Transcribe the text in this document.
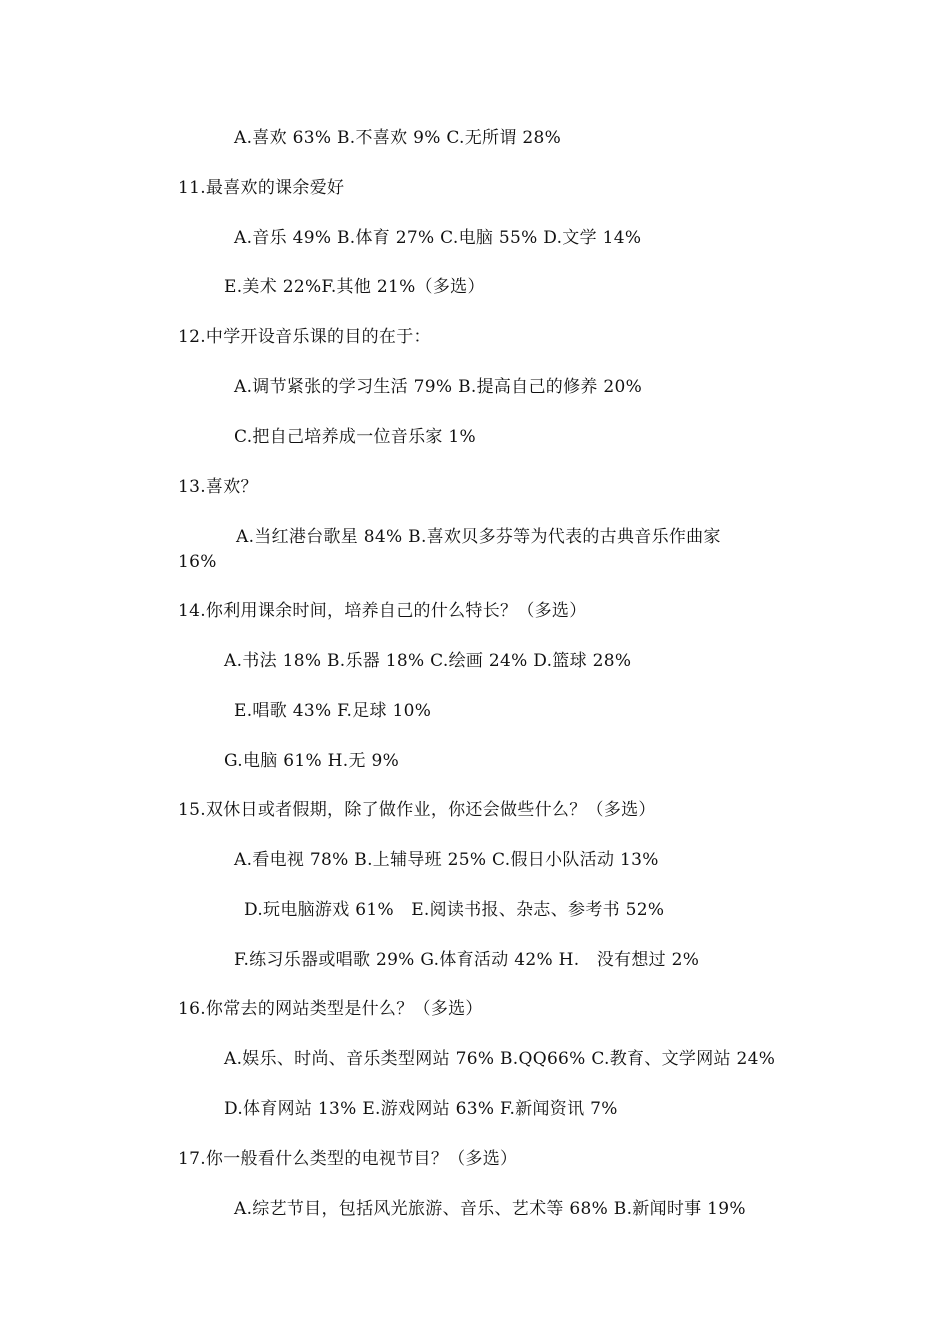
A.喜欢 63% B.不喜欢 9% C.无所谓 28%
11.最喜欢的课余爱好
A.音乐 49% B.体育 27% C.电脑 55% D.文学 14%
E.美术 22%F.其他 21%（多选）
12.中学开设音乐课的目的在于：
A.调节紧张的学习生活 79% B.提高自己的修养 20%
C.把自己培养成一位音乐家 1%
13.喜欢？
A.当红港台歌星 84% B.喜欢贝多芬等为代表的古典音乐作曲家
16%
14.你利用课余时间，培养自己的什么特长？（多选）
A.书法 18% B.乐器 18% C.绘画 24% D.篮球 28%
E.唱歌 43% F.足球 10%
G.电脑 61% H.无 9%
15.双休日或者假期，除了做作业，你还会做些什么？（多选）
A.看电视 78% B.上辅导班 25% C.假日小队活动 13%
D.玩电脑游戏 61%　E.阅读书报、杂志、参考书 52%
F.练习乐器或唱歌 29% G.体育活动 42% H.　没有想过 2%
16.你常去的网站类型是什么？（多选）
A.娱乐、时尚、音乐类型网站 76% B.QQ66% C.教育、文学网站 24%
D.体育网站 13% E.游戏网站 63% F.新闻资讯 7%
17.你一般看什么类型的电视节目？（多选）
A.综艺节目，包括风光旅游、音乐、艺术等 68% B.新闻时事 19%
